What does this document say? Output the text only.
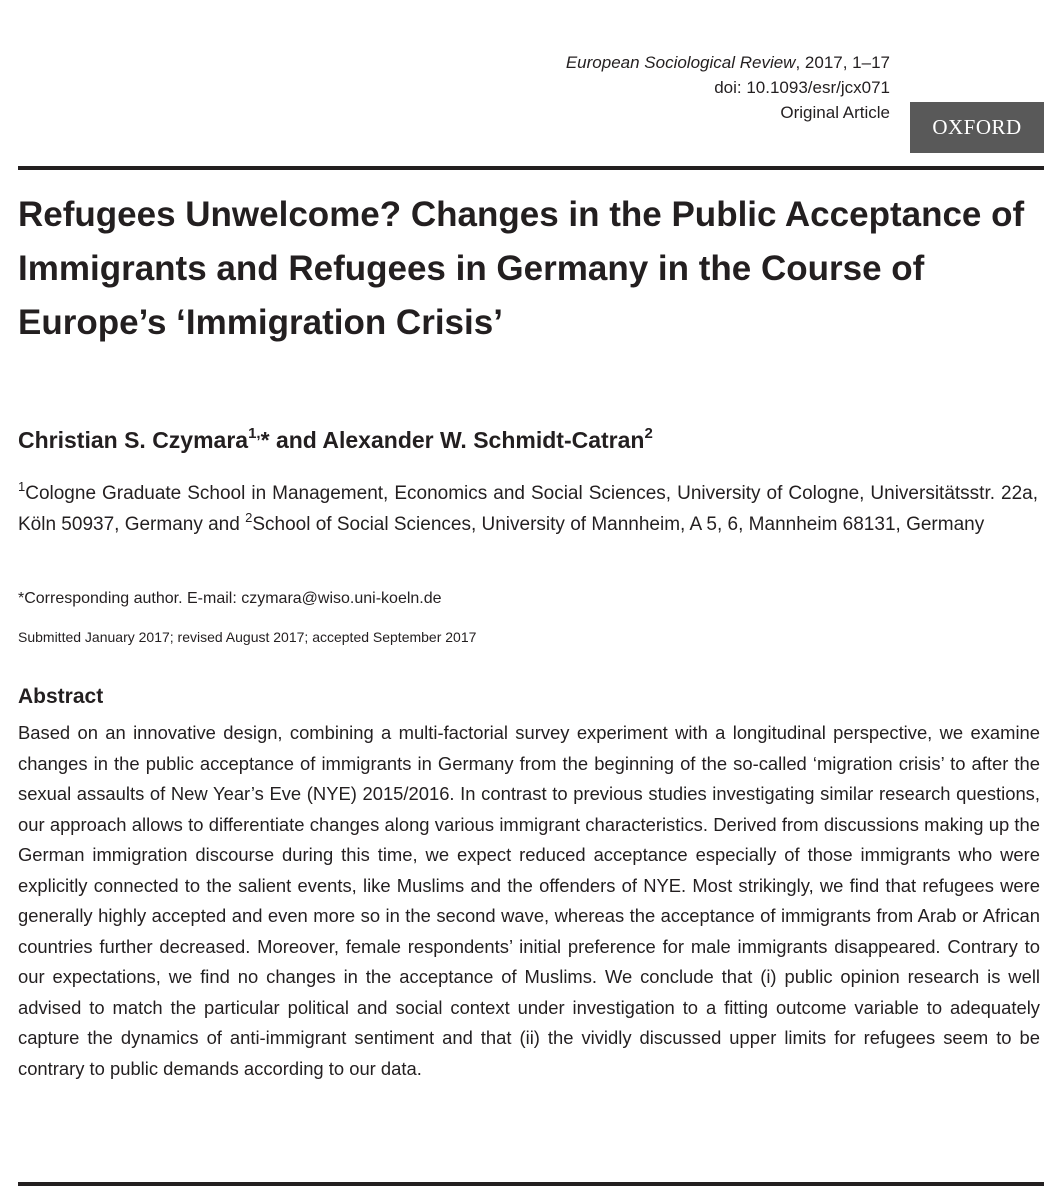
European Sociological Review, 2017, 1–17
doi: 10.1093/esr/jcx071
Original Article
OXFORD
Refugees Unwelcome? Changes in the Public Acceptance of Immigrants and Refugees in Germany in the Course of Europe’s ‘Immigration Crisis’
Christian S. Czymara$^{1,}$* and Alexander W. Schmidt-Catran$^2$
$^1$Cologne Graduate School in Management, Economics and Social Sciences, University of Cologne, Universitätsstr. 22a, Köln 50937, Germany and $^2$School of Social Sciences, University of Mannheim, A 5, 6, Mannheim 68131, Germany
*Corresponding author. E-mail: czymara@wiso.uni-koeln.de
Submitted January 2017; revised August 2017; accepted September 2017
Abstract

Based on an innovative design, combining a multi-factorial survey experiment with a longitudinal perspective, we examine changes in the public acceptance of immigrants in Germany from the beginning of the so-called ‘migration crisis’ to after the sexual assaults of New Year’s Eve (NYE) 2015/2016. In contrast to previous studies investigating similar research questions, our approach allows to differentiate changes along various immigrant characteristics. Derived from discussions making up the German immigration discourse during this time, we expect reduced acceptance especially of those immigrants who were explicitly connected to the salient events, like Muslims and the offenders of NYE. Most strikingly, we find that refugees were generally highly accepted and even more so in the second wave, whereas the acceptance of immigrants from Arab or African countries further decreased. Moreover, female respondents’ initial preference for male immigrants disappeared. Contrary to our expectations, we find no changes in the acceptance of Muslims. We conclude that (i) public opinion research is well advised to match the particular political and social context under investigation to a fitting outcome variable to adequately capture the dynamics of anti-immigrant sentiment and that (ii) the vividly discussed upper limits for refugees seem to be contrary to public demands according to our data.
